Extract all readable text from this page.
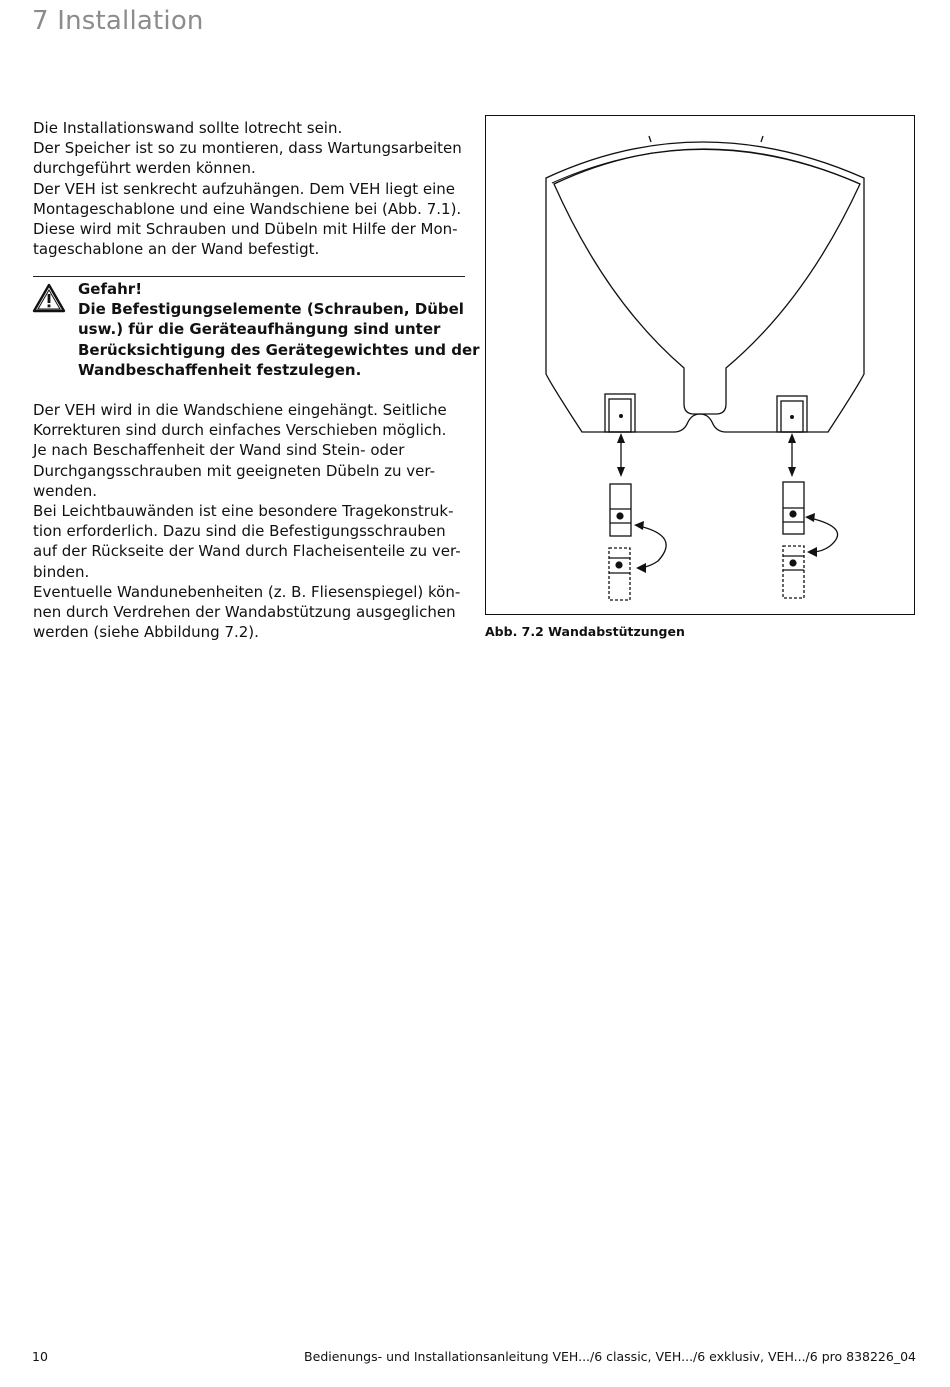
7 Installation
Die Installationswand sollte lotrecht sein.
Der Speicher ist so zu montieren, dass Wartungsarbeiten
durchgeführt werden können.
Der VEH ist senkrecht aufzuhängen. Dem VEH liegt eine
Montageschablone und eine Wandschiene bei (Abb. 7.1).
Diese wird mit Schrauben und Dübeln mit Hilfe der Mon-
tageschablone an der Wand befestigt.
Gefahr!
Die Befestigungselemente (Schrauben, Dübel
usw.) für die Geräteaufhängung sind unter
Berücksichtigung des Gerätegewichtes und der
Wandbeschaffenheit festzulegen.
Der VEH wird in die Wandschiene eingehängt. Seitliche
Korrekturen sind durch einfaches Verschieben möglich.
Je nach Beschaffenheit der Wand sind Stein- oder
Durchgangsschrauben mit geeigneten Dübeln zu ver-
wenden.
Bei Leichtbauwänden ist eine besondere Tragekonstruk-
tion erforderlich. Dazu sind die Befestigungsschrauben
auf der Rückseite der Wand durch Flacheisenteile zu ver-
binden.
Eventuelle Wandunebenheiten (z. B. Fliesenspiegel) kön-
nen durch Verdrehen der Wandabstützung ausgeglichen
werden (siehe Abbildung 7.2).	Abb. 7.2 Wandabstützungen
10	Bedienungs- und Installationsanleitung VEH.../6 classic, VEH.../6 exklusiv, VEH.../6 pro 838226_04
